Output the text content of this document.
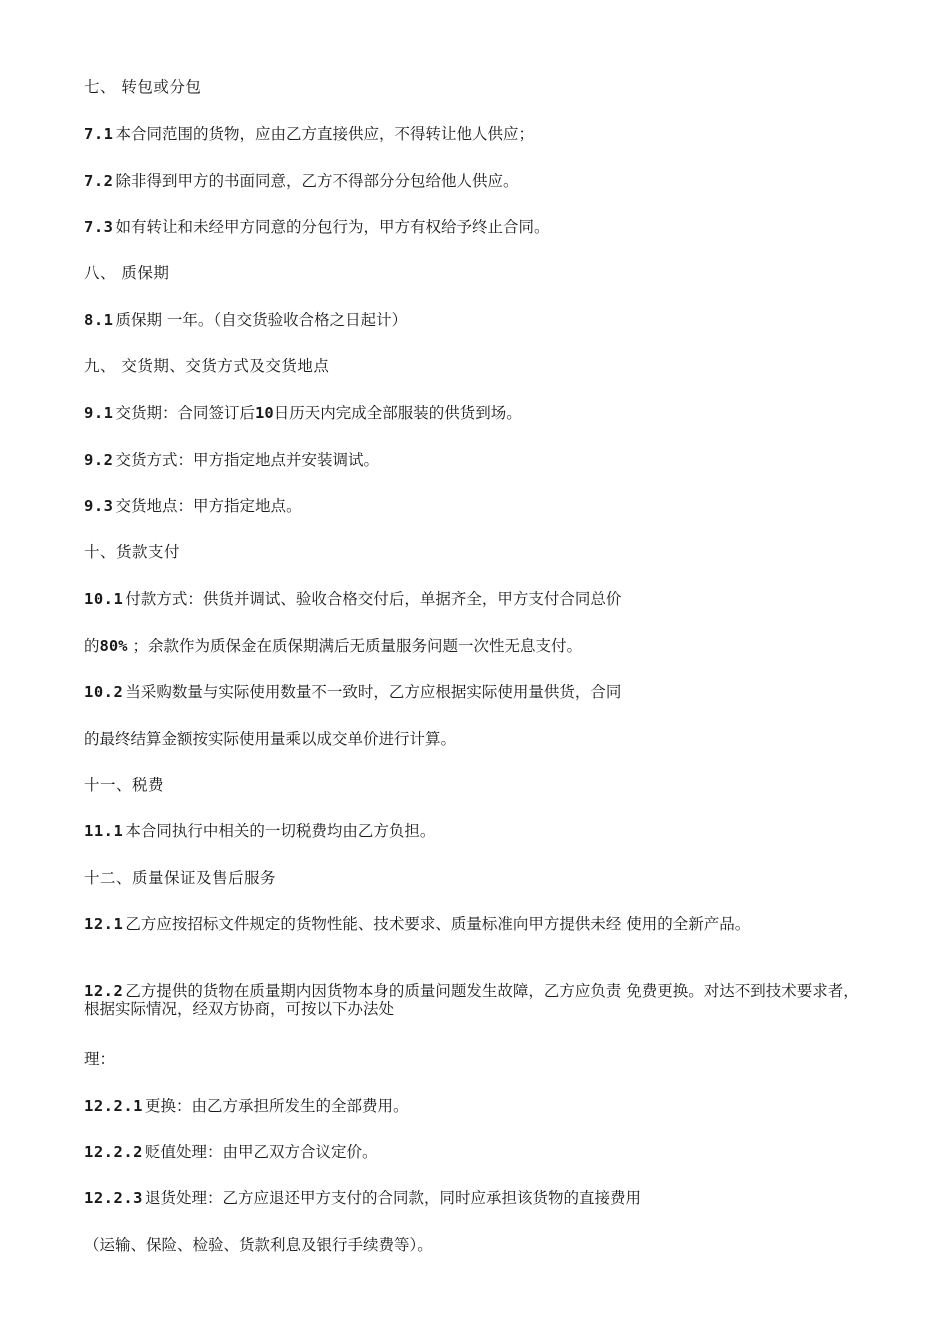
七、 转包或分包
7.1 本合同范围的货物，应由乙方直接供应，不得转让他人供应；
7.2 除非得到甲方的书面同意，乙方不得部分分包给他人供应。
7.3 如有转让和未经甲方同意的分包行为，甲方有权给予终止合同。
八、 质保期
8.1 质保期 一年。（自交货验收合格之日起计）
九、 交货期、交货方式及交货地点
9.1 交货期：合同签订后10日历天内完成全部服装的供货到场。
9.2 交货方式：甲方指定地点并安装调试。
9.3 交货地点：甲方指定地点。
十、货款支付
10.1 付款方式：供货并调试、验收合格交付后，单据齐全，甲方支付合同总价
的80% ；余款作为质保金在质保期满后无质量服务问题一次性无息支付。
10.2 当采购数量与实际使用数量不一致时，乙方应根据实际使用量供货，合同
的最终结算金额按实际使用量乘以成交单价进行计算。
十一、税费
11.1 本合同执行中相关的一切税费均由乙方负担。
十二、质量保证及售后服务
12.1 乙方应按招标文件规定的货物性能、技术要求、质量标准向甲方提供未经 使用的全新产品。
12.2 乙方提供的货物在质量期内因货物本身的质量问题发生故障，乙方应负责 免费更换。对达不到技术要求者，根据实际情况，经双方协商，可按以下办法处
理：
12.2.1 更换：由乙方承担所发生的全部费用。
12.2.2 贬值处理：由甲乙双方合议定价。
12.2.3 退货处理：乙方应退还甲方支付的合同款，同时应承担该货物的直接费用
（运输、保险、检验、货款利息及银行手续费等）。
